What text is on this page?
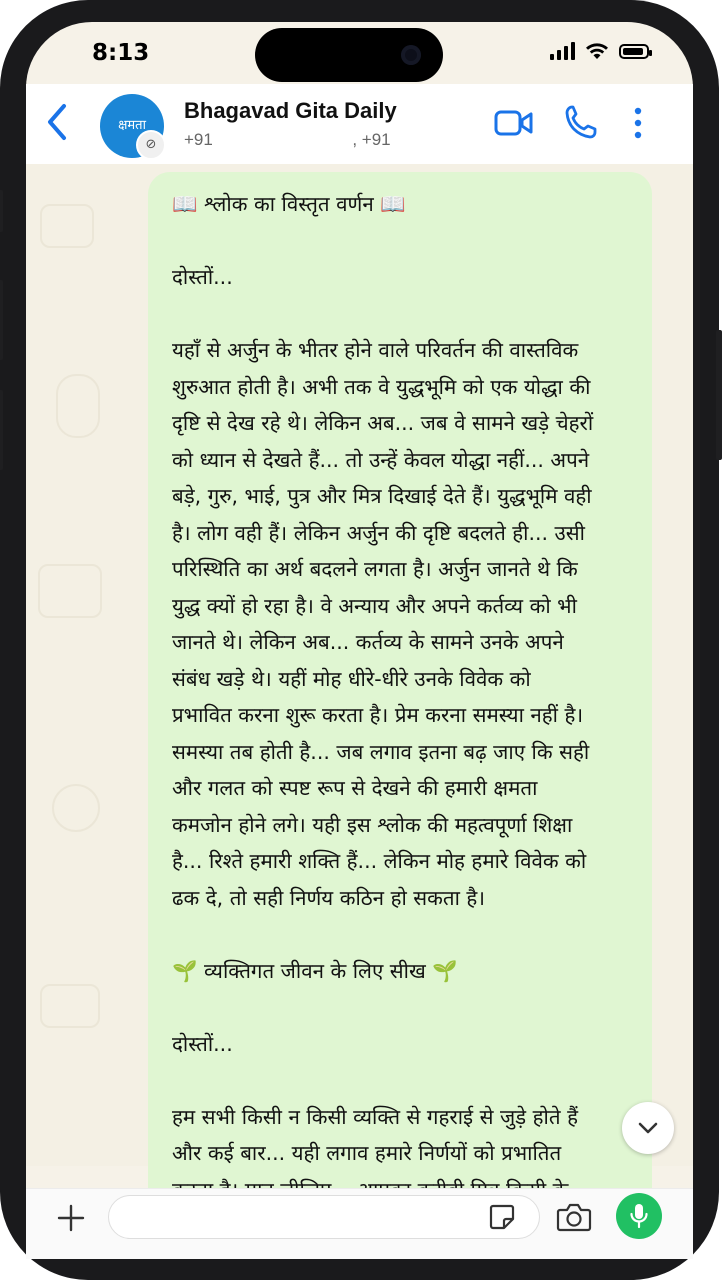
8:13
क्षमता
⊘
Bhagavad Gita Daily
+91	, +91

📖 श्लोक का विस्तृत वर्णन 📖

दोस्तों...

यहाँ से अर्जुन के भीतर होने वाले परिवर्तन की वास्तविक
शुरुआत होती है। अभी तक वे युद्धभूमि को एक योद्धा की
दृष्टि से देख रहे थे। लेकिन अब... जब वे सामने खड़े चेहरों
को ध्यान से देखते हैं... तो उन्हें केवल योद्धा नहीं... अपने
बड़े, गुरु, भाई, पुत्र और मित्र दिखाई देते हैं। युद्धभूमि वही
है। लोग वही हैं। लेकिन अर्जुन की दृष्टि बदलते ही... उसी
परिस्थिति का अर्थ बदलने लगता है। अर्जुन जानते थे कि
युद्ध क्यों हो रहा है। वे अन्याय और अपने कर्तव्य को भी
जानते थे। लेकिन अब... कर्तव्य के सामने उनके अपने
संबंध खड़े थे। यहीं मोह धीरे-धीरे उनके विवेक को
प्रभावित करना शुरू करता है। प्रेम करना समस्या नहीं है।
समस्या तब होती है... जब लगाव इतना बढ़ जाए कि सही
और गलत को स्पष्ट रूप से देखने की हमारी क्षमता
कमजोन होने लगे। यही इस श्लोक की महत्वपूर्णा शिक्षा
है... रिश्ते हमारी शक्ति हैं... लेकिन मोह हमारे विवेक को
ढक दे, तो सही निर्णय कठिन हो सकता है।

🌱 व्यक्तिगत जीवन के लिए सीख 🌱

दोस्तों...

हम सभी किसी न किसी व्यक्ति से गहराई से जुड़े होते हैं
और कई बार... यही लगाव हमारे निर्णयों को प्रभातित
